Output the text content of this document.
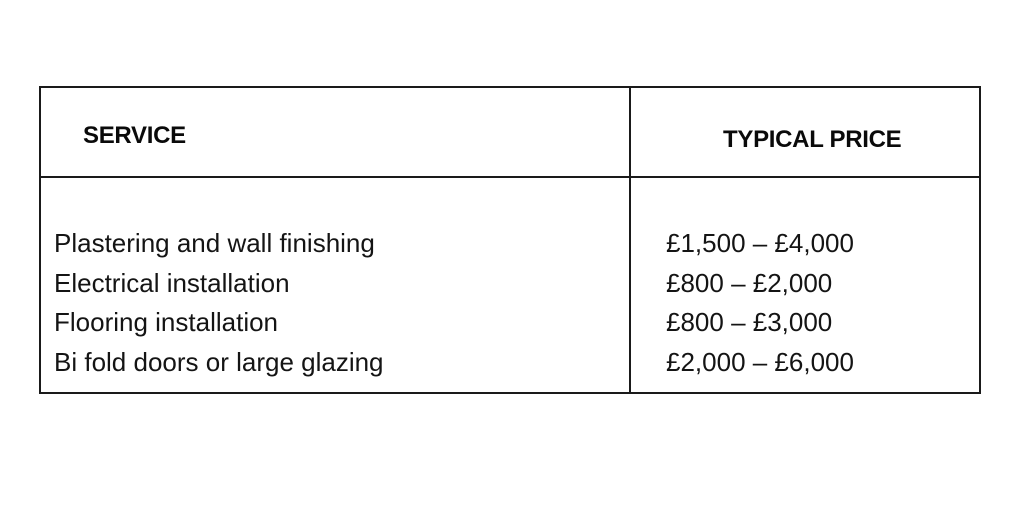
SERVICE	TYPICAL PRICE
Plastering and wall finishing
Electrical installation
Flooring installation
Bi fold doors or large glazing
£1,500 – £4,000
£800 – £2,000
£800 – £3,000
£2,000 – £6,000
